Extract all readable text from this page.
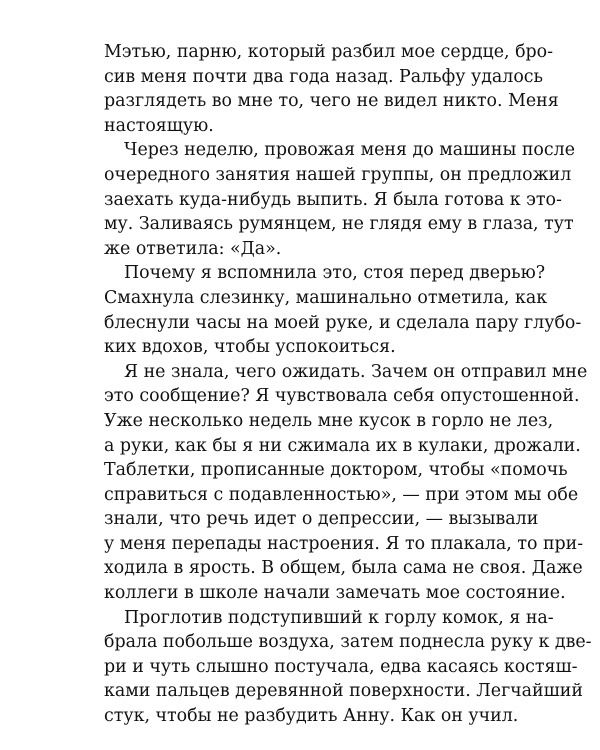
Мэтью, парню, который разбил мое сердце, бро-
сив меня почти два года назад. Ральфу удалось
разглядеть во мне то, чего не видел никто. Меня
настоящую.
Через неделю, провожая меня до машины после
очередного занятия нашей группы, он предложил
заехать куда-нибудь выпить. Я была готова к это-
му. Заливаясь румянцем, не глядя ему в глаза, тут
же ответила: «Да».
Почему я вспомнила это, стоя перед дверью?
Смахнула слезинку, машинально отметила, как
блеснули часы на моей руке, и сделала пару глубо-
ких вдохов, чтобы успокоиться.
Я не знала, чего ожидать. Зачем он отправил мне
это сообщение? Я чувствовала себя опустошенной.
Уже несколько недель мне кусок в горло не лез,
а руки, как бы я ни сжимала их в кулаки, дрожали.
Таблетки, прописанные доктором, чтобы «помочь
справиться с подавленностью», — при этом мы обе
знали, что речь идет о депрессии, — вызывали
у меня перепады настроения. Я то плакала, то при-
ходила в ярость. В общем, была сама не своя. Даже
коллеги в школе начали замечать мое состояние.
Проглотив подступивший к горлу комок, я на-
брала побольше воздуха, затем поднесла руку к две-
ри и чуть слышно постучала, едва касаясь костяш-
ками пальцев деревянной поверхности. Легчайший
стук, чтобы не разбудить Анну. Как он учил.
